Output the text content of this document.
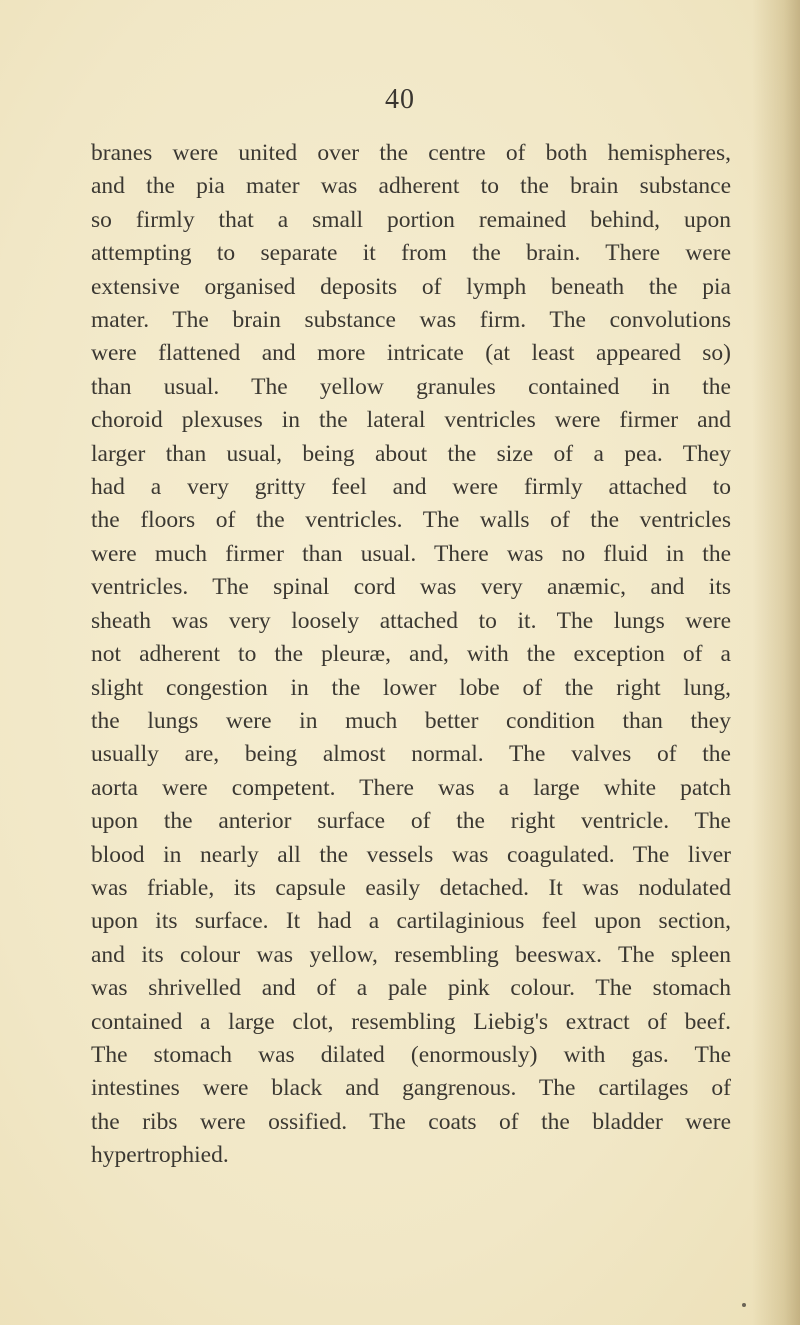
40

branes were united over the centre of both hemispheres,
and the pia mater was adherent to the brain substance
so firmly that a small portion remained behind, upon
attempting to separate it from the brain. There were
extensive organised deposits of lymph beneath the pia
mater. The brain substance was firm. The convolutions
were flattened and more intricate (at least appeared so)
than usual. The yellow granules contained in the
choroid plexuses in the lateral ventricles were firmer and
larger than usual, being about the size of a pea. They
had a very gritty feel and were firmly attached to
the floors of the ventricles. The walls of the ventricles
were much firmer than usual. There was no fluid in the
ventricles. The spinal cord was very anæmic, and its
sheath was very loosely attached to it. The lungs were
not adherent to the pleuræ, and, with the exception of a
slight congestion in the lower lobe of the right lung,
the lungs were in much better condition than they
usually are, being almost normal. The valves of the
aorta were competent. There was a large white patch
upon the anterior surface of the right ventricle. The
blood in nearly all the vessels was coagulated. The liver
was friable, its capsule easily detached. It was nodulated
upon its surface. It had a cartilaginious feel upon section,
and its colour was yellow, resembling beeswax. The spleen
was shrivelled and of a pale pink colour. The stomach
contained a large clot, resembling Liebig's extract of beef.
The stomach was dilated (enormously) with gas. The
intestines were black and gangrenous. The cartilages of
the ribs were ossified. The coats of the bladder were
hypertrophied.
